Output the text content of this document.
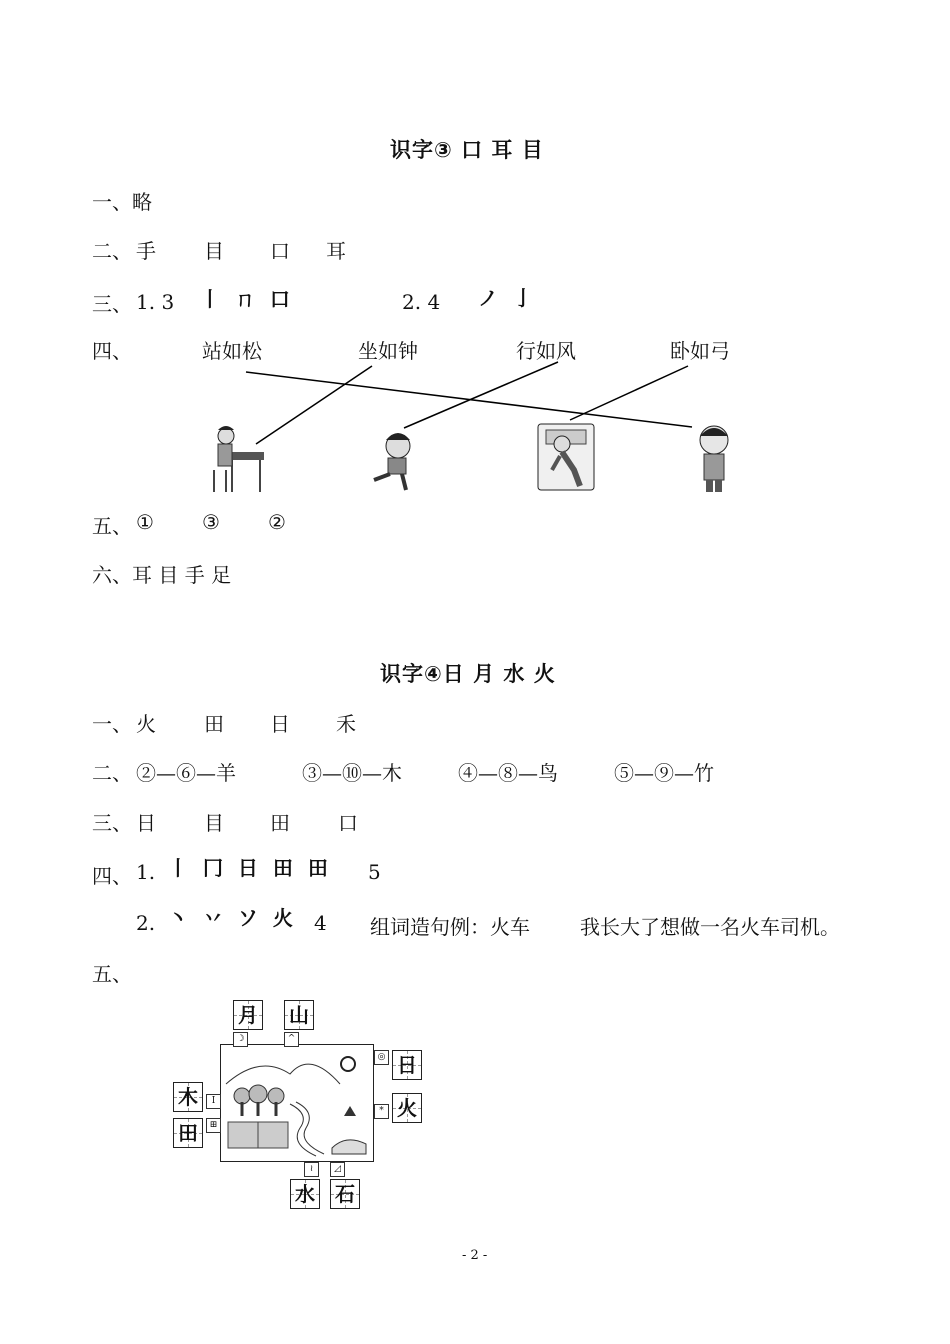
识字③ 口 耳 目
一、略
二、 手 目 口 耳
三、 1. 3 丨 ㄇ 口	2. 4 ノ 亅
四、	站如松	坐如钟	行如风	卧如弓
五、 ① ③ ②
六、耳 目 手 足
识字④日 月 水 火
一、 火 田 日 禾
二、 ②—⑥—羊	③—⑩—木	④—⑧—鸟	⑤—⑨—竹
三、 日 目 田 口
四、 1. 丨 冂 日 田 田 5
2. 丶 丷 ソ 火 4 组词造句例：火车	我长大了想做一名火车司机。
五、
月 山
日
火
木
田
水 石
☽	^
◎
*
Ι
⊞
≀	◿
- 2 -
